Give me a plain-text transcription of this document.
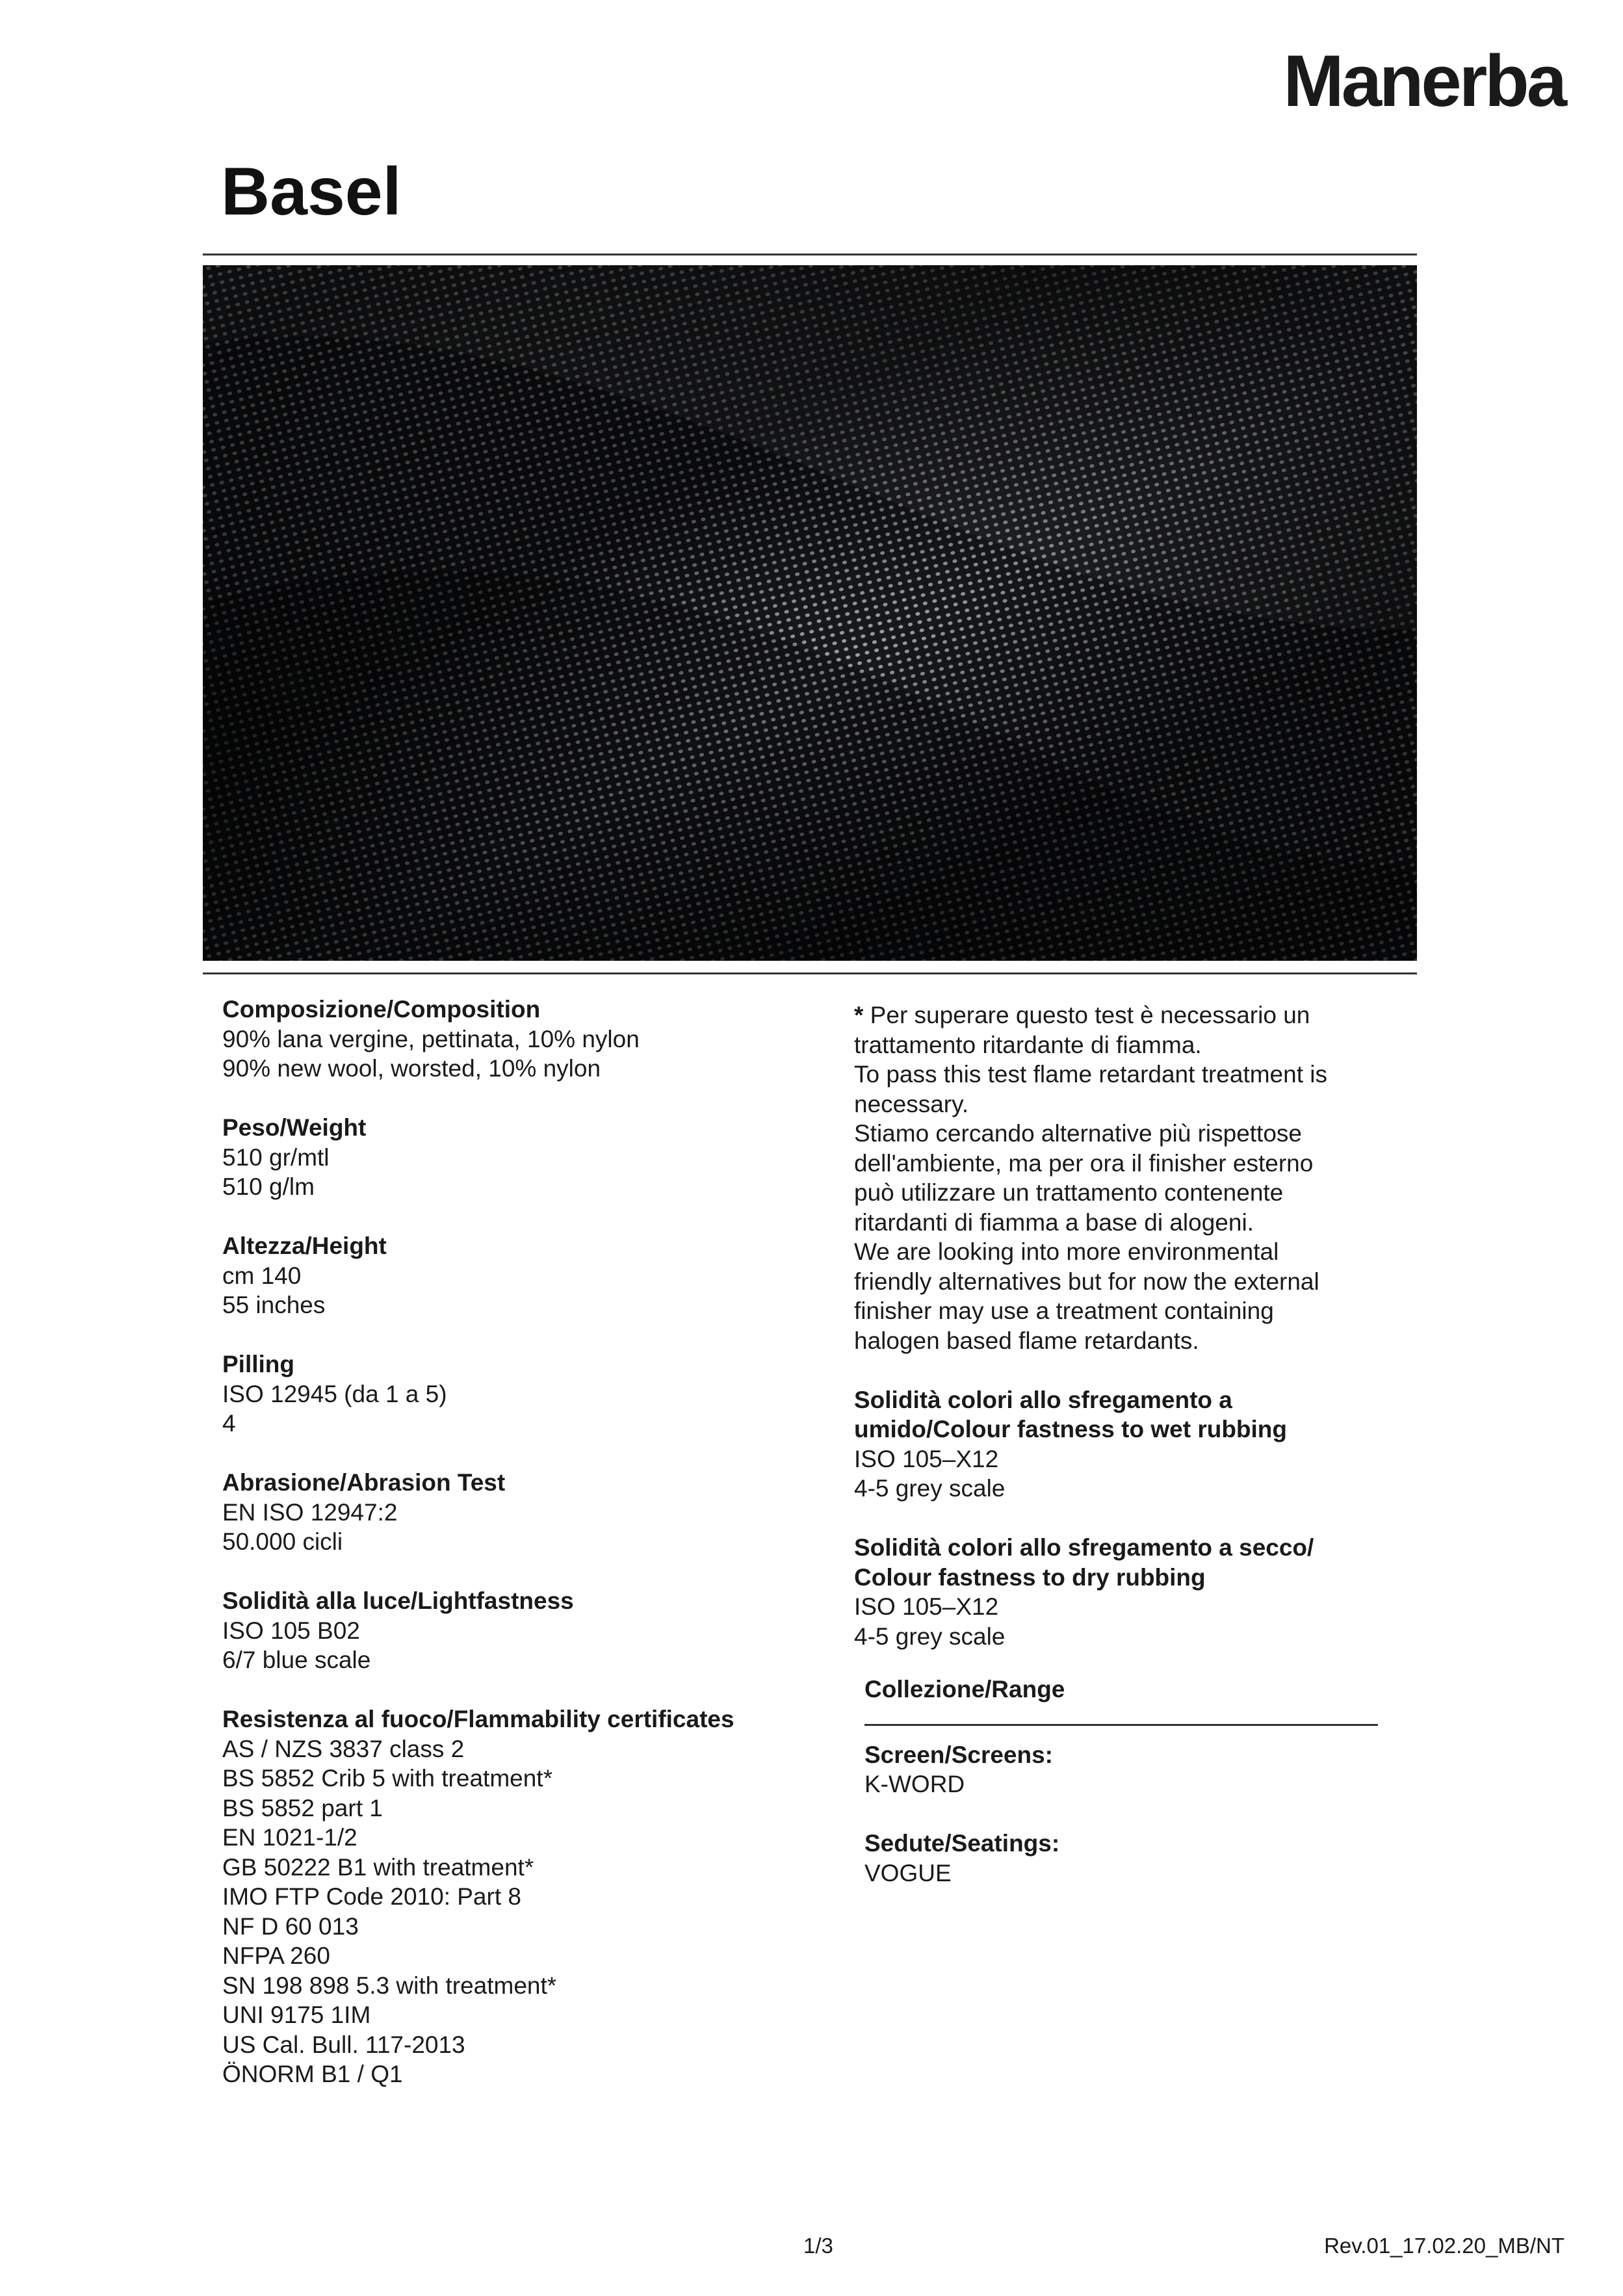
Manerba
Basel
Composizione/Composition
90% lana vergine, pettinata, 10% nylon
90% new wool, worsted, 10% nylon
Peso/Weight
510 gr/mtl
510 g/lm
Altezza/Height
cm 140
55 inches
Pilling
ISO 12945 (da 1 a 5)
4
Abrasione/Abrasion Test
EN ISO 12947:2
50.000 cicli
Solidità alla luce/Lightfastness
ISO 105 B02
6/7 blue scale
Resistenza al fuoco/Flammability certificates
AS / NZS 3837 class 2
BS 5852 Crib 5 with treatment*
BS 5852 part 1
EN 1021-1/2
GB 50222 B1 with treatment*
IMO FTP Code 2010: Part 8
NF D 60 013
NFPA 260
SN 198 898 5.3 with treatment*
UNI 9175 1IM
US Cal. Bull. 117-2013
ÖNORM B1 / Q1
* Per superare questo test è necessario un
trattamento ritardante di fiamma.
To pass this test flame retardant treatment is
necessary.
Stiamo cercando alternative più rispettose
dell'ambiente, ma per ora il finisher esterno
può utilizzare un trattamento contenente
ritardanti di fiamma a base di alogeni.
We are looking into more environmental
friendly alternatives but for now the external
finisher may use a treatment containing
halogen based flame retardants.
Solidità colori allo sfregamento a
umido/Colour fastness to wet rubbing
ISO 105–X12
4-5 grey scale
Solidità colori allo sfregamento a secco/
Colour fastness to dry rubbing
ISO 105–X12
4-5 grey scale
Collezione/Range
Screen/Screens:
K-WORD
Sedute/Seatings:
VOGUE
1/3	Rev.01_17.02.20_MB/NT
